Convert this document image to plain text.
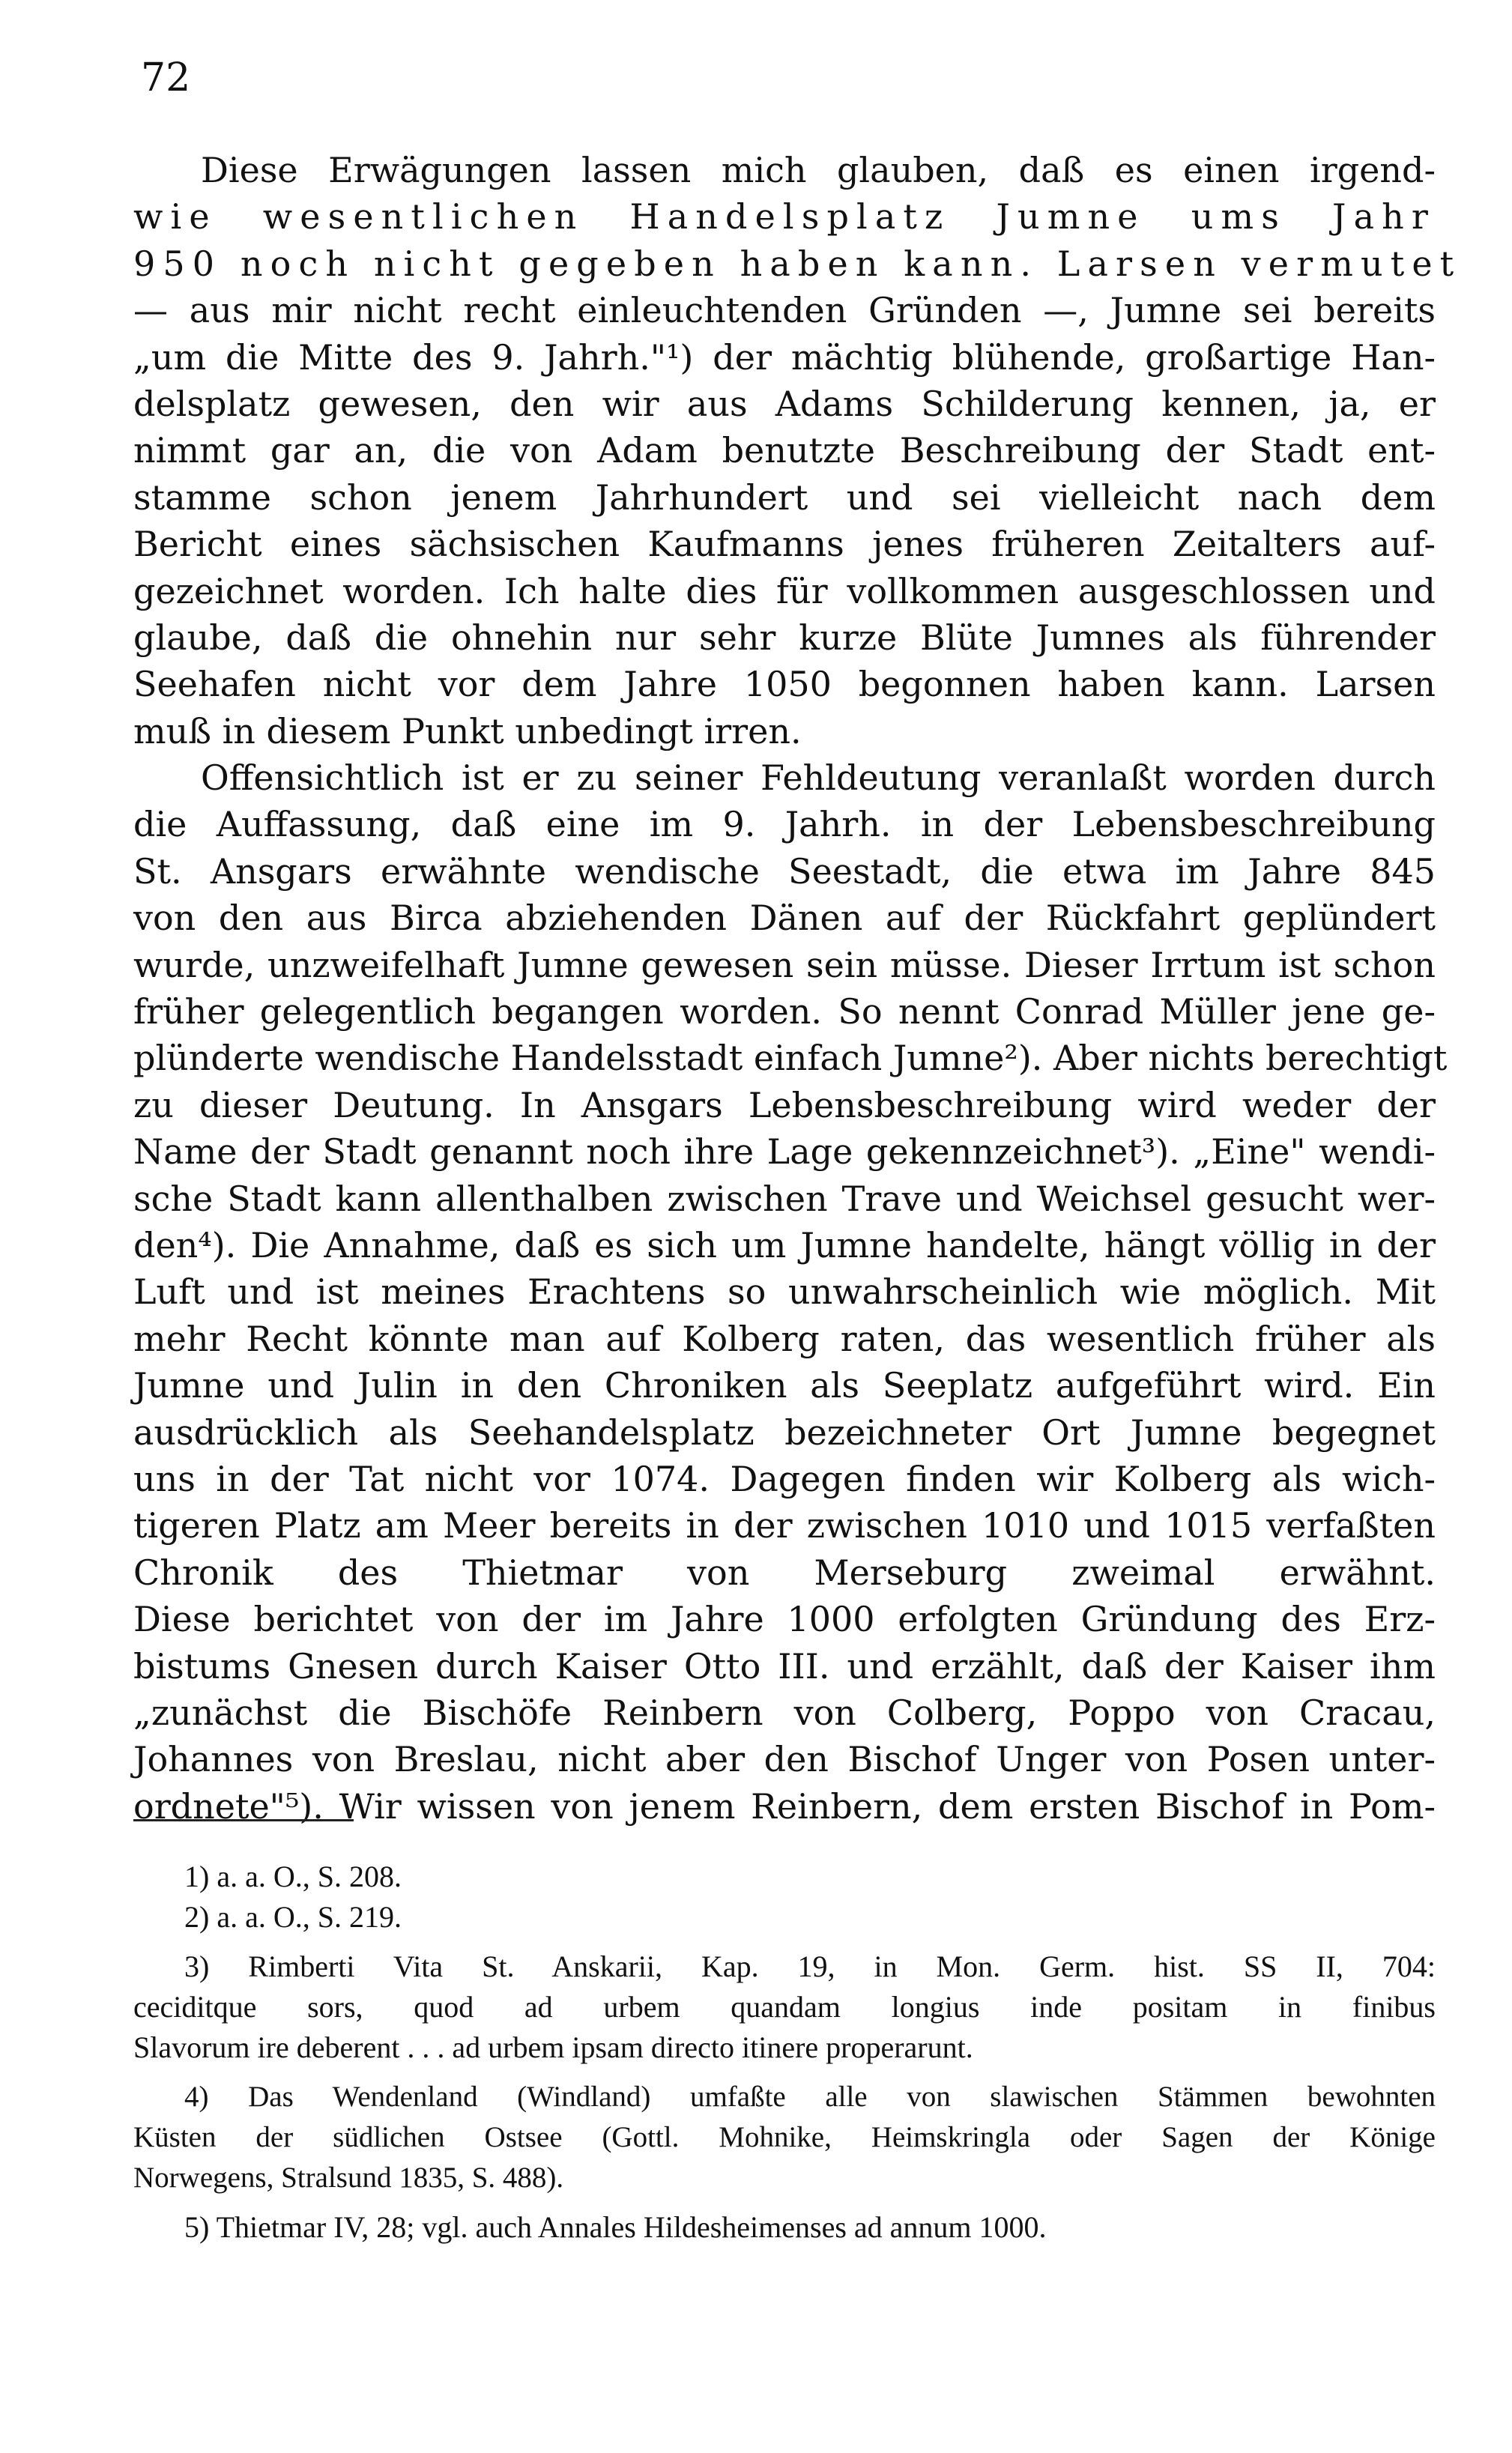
72
Diese Erwägungen lassen mich glauben, daß es einen irgend-
wie wesentlichen Handelsplatz Jumne ums Jahr
950 noch nicht gegeben haben kann. Larsen vermutet
— aus mir nicht recht einleuchtenden Gründen —, Jumne sei bereits
„um die Mitte des 9. Jahrh."¹) der mächtig blühende, großartige Han-
delsplatz gewesen, den wir aus Adams Schilderung kennen, ja, er
nimmt gar an, die von Adam benutzte Beschreibung der Stadt ent-
stamme schon jenem Jahrhundert und sei vielleicht nach dem
Bericht eines sächsischen Kaufmanns jenes früheren Zeitalters auf-
gezeichnet worden. Ich halte dies für vollkommen ausgeschlossen und
glaube, daß die ohnehin nur sehr kurze Blüte Jumnes als führender
Seehafen nicht vor dem Jahre 1050 begonnen haben kann. Larsen
muß in diesem Punkt unbedingt irren.
Offensichtlich ist er zu seiner Fehldeutung veranlaßt worden durch
die Auffassung, daß eine im 9. Jahrh. in der Lebensbeschreibung
St. Ansgars erwähnte wendische Seestadt, die etwa im Jahre 845
von den aus Birca abziehenden Dänen auf der Rückfahrt geplündert
wurde, unzweifelhaft Jumne gewesen sein müsse. Dieser Irrtum ist schon
früher gelegentlich begangen worden. So nennt Conrad Müller jene ge-
plünderte wendische Handelsstadt einfach Jumne²). Aber nichts berechtigt
zu dieser Deutung. In Ansgars Lebensbeschreibung wird weder der
Name der Stadt genannt noch ihre Lage gekennzeichnet³). „Eine" wendi-
sche Stadt kann allenthalben zwischen Trave und Weichsel gesucht wer-
den⁴). Die Annahme, daß es sich um Jumne handelte, hängt völlig in der
Luft und ist meines Erachtens so unwahrscheinlich wie möglich. Mit
mehr Recht könnte man auf Kolberg raten, das wesentlich früher als
Jumne und Julin in den Chroniken als Seeplatz aufgeführt wird. Ein
ausdrücklich als Seehandelsplatz bezeichneter Ort Jumne begegnet
uns in der Tat nicht vor 1074. Dagegen finden wir Kolberg als wich-
tigeren Platz am Meer bereits in der zwischen 1010 und 1015 verfaßten
Chronik des Thietmar von Merseburg zweimal erwähnt.
Diese berichtet von der im Jahre 1000 erfolgten Gründung des Erz-
bistums Gnesen durch Kaiser Otto III. und erzählt, daß der Kaiser ihm
„zunächst die Bischöfe Reinbern von Colberg, Poppo von Cracau,
Johannes von Breslau, nicht aber den Bischof Unger von Posen unter-
ordnete"⁵). Wir wissen von jenem Reinbern, dem ersten Bischof in Pom-
1) a. a. O., S. 208.
2) a. a. O., S. 219.
3) Rimberti Vita St. Anskarii, Kap. 19, in Mon. Germ. hist. SS II, 704:
ceciditque sors, quod ad urbem quandam longius inde positam in finibus
Slavorum ire deberent . . . ad urbem ipsam directo itinere properarunt.
4) Das Wendenland (Windland) umfaßte alle von slawischen Stämmen bewohnten
Küsten der südlichen Ostsee (Gottl. Mohnike, Heimskringla oder Sagen der Könige
Norwegens, Stralsund 1835, S. 488).
5) Thietmar IV, 28; vgl. auch Annales Hildesheimenses ad annum 1000.
